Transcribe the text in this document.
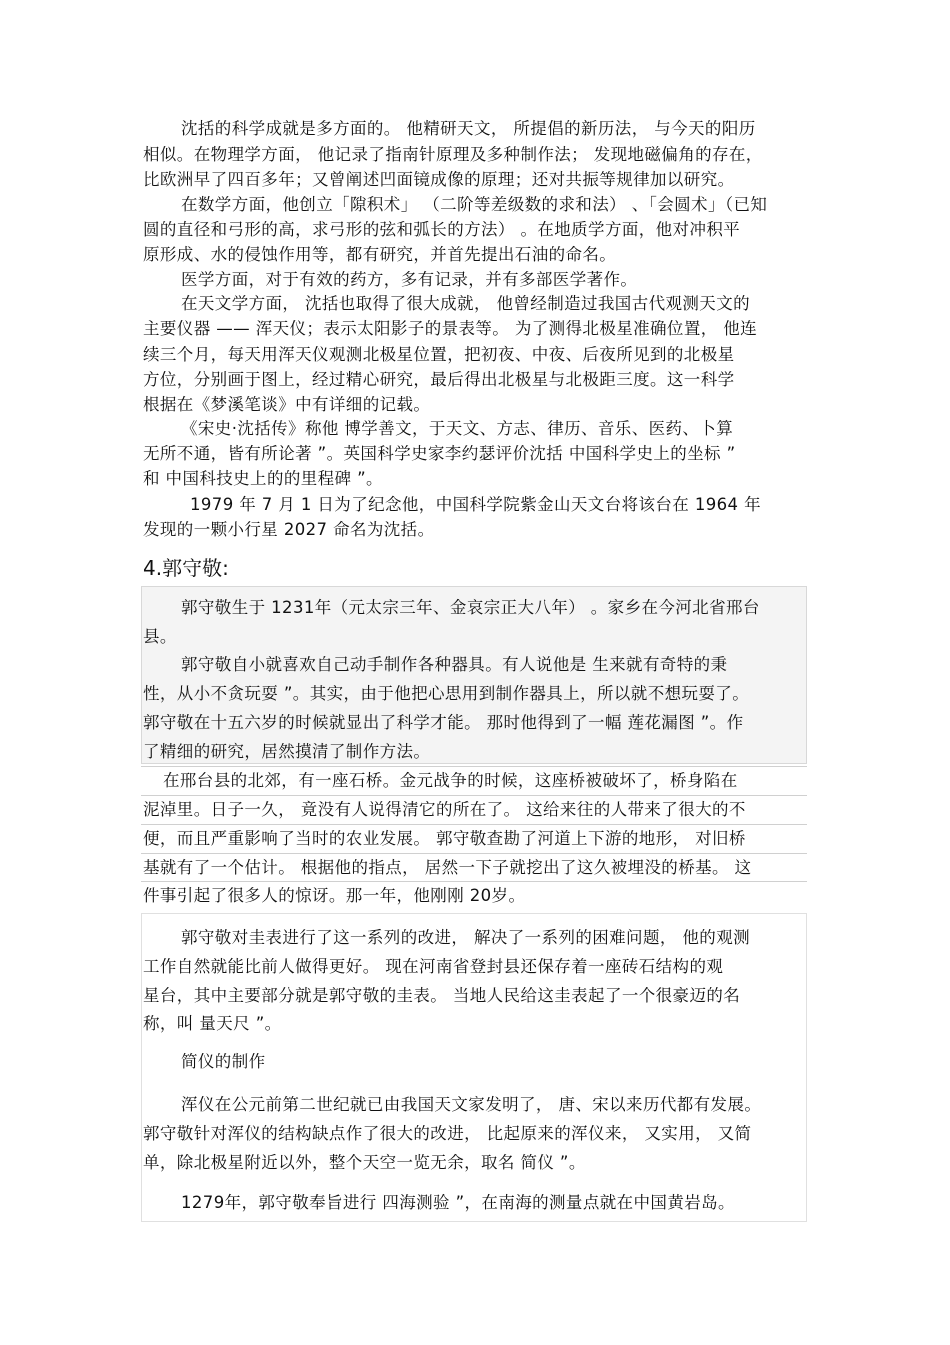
沈括的科学成就是多方面的。 他精研天文， 所提倡的新历法， 与今天的阳历
相似。在物理学方面， 他记录了指南针原理及多种制作法； 发现地磁偏角的存在，
比欧洲早了四百多年；又曾阐述凹面镜成像的原理；还对共振等规律加以研究。
在数学方面，他创立「隙积术」 （二阶等差级数的求和法） 、「会圆术」（已知
圆的直径和弓形的高，求弓形的弦和弧长的方法） 。在地质学方面，他对冲积平
原形成、水的侵蚀作用等，都有研究，并首先提出石油的命名。
医学方面，对于有效的药方，多有记录，并有多部医学著作。
在天文学方面， 沈括也取得了很大成就， 他曾经制造过我国古代观测天文的
主要仪器 —— 浑天仪；表示太阳影子的景表等。 为了测得北极星准确位置， 他连
续三个月，每天用浑天仪观测北极星位置，把初夜、中夜、后夜所见到的北极星
方位，分别画于图上，经过精心研究，最后得出北极星与北极距三度。这一科学
根据在《梦溪笔谈》中有详细的记载。
《宋史·沈括传》称他 博学善文，于天文、方志、律历、音乐、医药、卜算
无所不通，皆有所论著 ”。英国科学史家李约瑟评价沈括 中国科学史上的坐标 ”
和 中国科技史上的的里程碑 ”。
1979 年 7 月 1 日为了纪念他，中国科学院紫金山天文台将该台在 1964 年
发现的一颗小行星 2027 命名为沈括。
4.郭守敬:
郭守敬生于 1231年（元太宗三年、金哀宗正大八年） 。家乡在今河北省邢台
县。
郭守敬自小就喜欢自己动手制作各种器具。有人说他是 生来就有奇特的秉
性，从小不贪玩耍 ”。其实，由于他把心思用到制作器具上，所以就不想玩耍了。
郭守敬在十五六岁的时候就显出了科学才能。 那时他得到了一幅 莲花漏图 ”。作
了精细的研究，居然摸清了制作方法。
在邢台县的北郊，有一座石桥。金元战争的时候，这座桥被破坏了，桥身陷在
泥淖里。日子一久， 竟没有人说得清它的所在了。 这给来往的人带来了很大的不
便，而且严重影响了当时的农业发展。 郭守敬查勘了河道上下游的地形， 对旧桥
基就有了一个估计。 根据他的指点， 居然一下子就挖出了这久被埋没的桥基。 这
件事引起了很多人的惊讶。那一年，他刚刚 20岁。
郭守敬对圭表进行了这一系列的改进， 解决了一系列的困难问题， 他的观测
工作自然就能比前人做得更好。 现在河南省登封县还保存着一座砖石结构的观
星台，其中主要部分就是郭守敬的圭表。 当地人民给这圭表起了一个很豪迈的名
称，叫 量天尺 ”。
简仪的制作
浑仪在公元前第二世纪就已由我国天文家发明了， 唐、宋以来历代都有发展。
郭守敬针对浑仪的结构缺点作了很大的改进， 比起原来的浑仪来， 又实用， 又简
单，除北极星附近以外，整个天空一览无余，取名 简仪 ”。
1279年，郭守敬奉旨进行 四海测验 ”，在南海的测量点就在中国黄岩岛。
